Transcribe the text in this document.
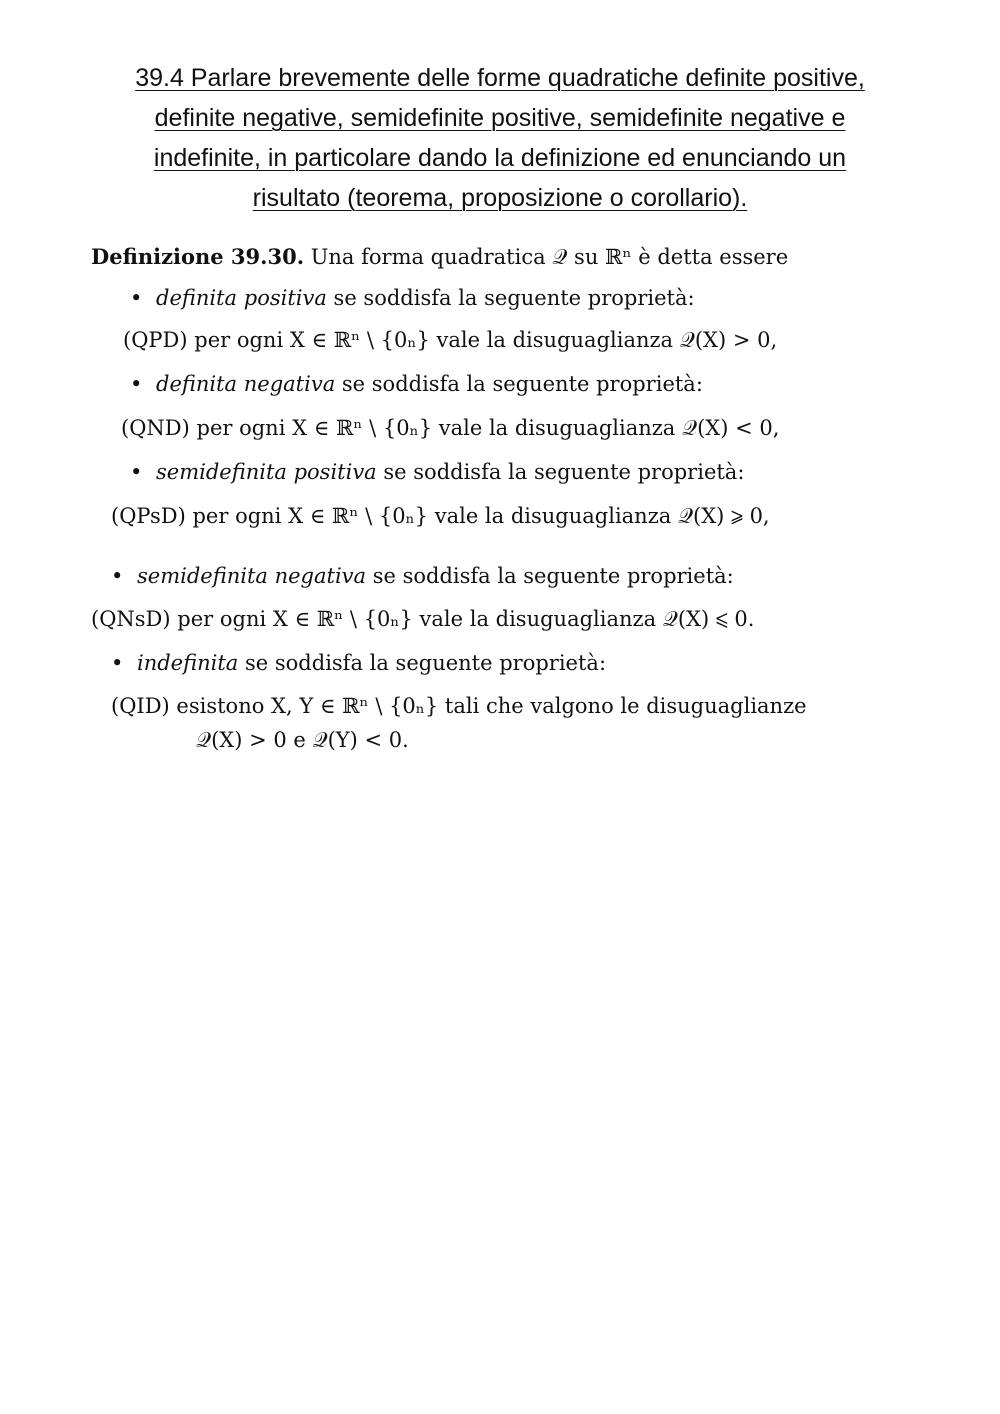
39.4 Parlare brevemente delle forme quadratiche definite positive,
definite negative, semidefinite positive, semidefinite negative e
indefinite, in particolare dando la definizione ed enunciando un
risultato (teorema, proposizione o corollario).
Definizione 39.30. Una forma quadratica 𝒬 su ℝⁿ è detta essere
• definita positiva se soddisfa la seguente proprietà:
(QPD) per ogni X ∈ ℝⁿ \ {0ₙ} vale la disuguaglianza 𝒬(X) > 0,
• definita negativa se soddisfa la seguente proprietà:
(QND) per ogni X ∈ ℝⁿ \ {0ₙ} vale la disuguaglianza 𝒬(X) < 0,
• semidefinita positiva se soddisfa la seguente proprietà:
(QPsD) per ogni X ∈ ℝⁿ \ {0ₙ} vale la disuguaglianza 𝒬(X) ⩾ 0,
• semidefinita negativa se soddisfa la seguente proprietà:
(QNsD) per ogni X ∈ ℝⁿ \ {0ₙ} vale la disuguaglianza 𝒬(X) ⩽ 0.
• indefinita se soddisfa la seguente proprietà:
(QID) esistono X, Y ∈ ℝⁿ \ {0ₙ} tali che valgono le disuguaglianze
𝒬(X) > 0 e 𝒬(Y) < 0.
